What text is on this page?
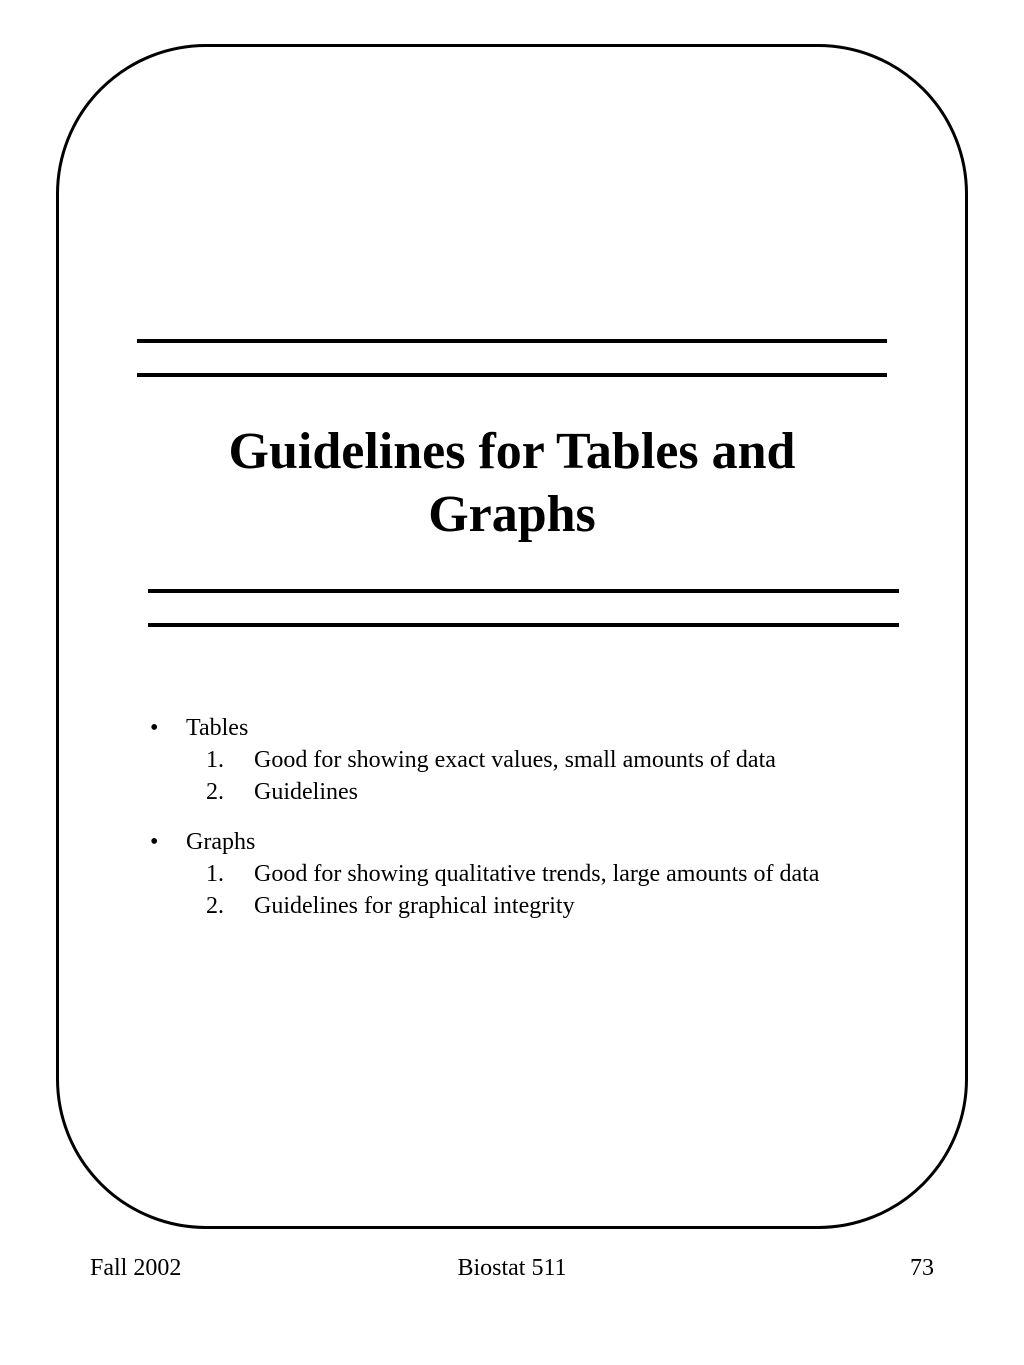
Guidelines for Tables and
Graphs
• Tables
1. Good for showing exact values, small amounts of data
2. Guidelines
• Graphs
1. Good for showing qualitative trends, large amounts of data
2. Guidelines for graphical integrity
Fall 2002	Biostat 511	73
